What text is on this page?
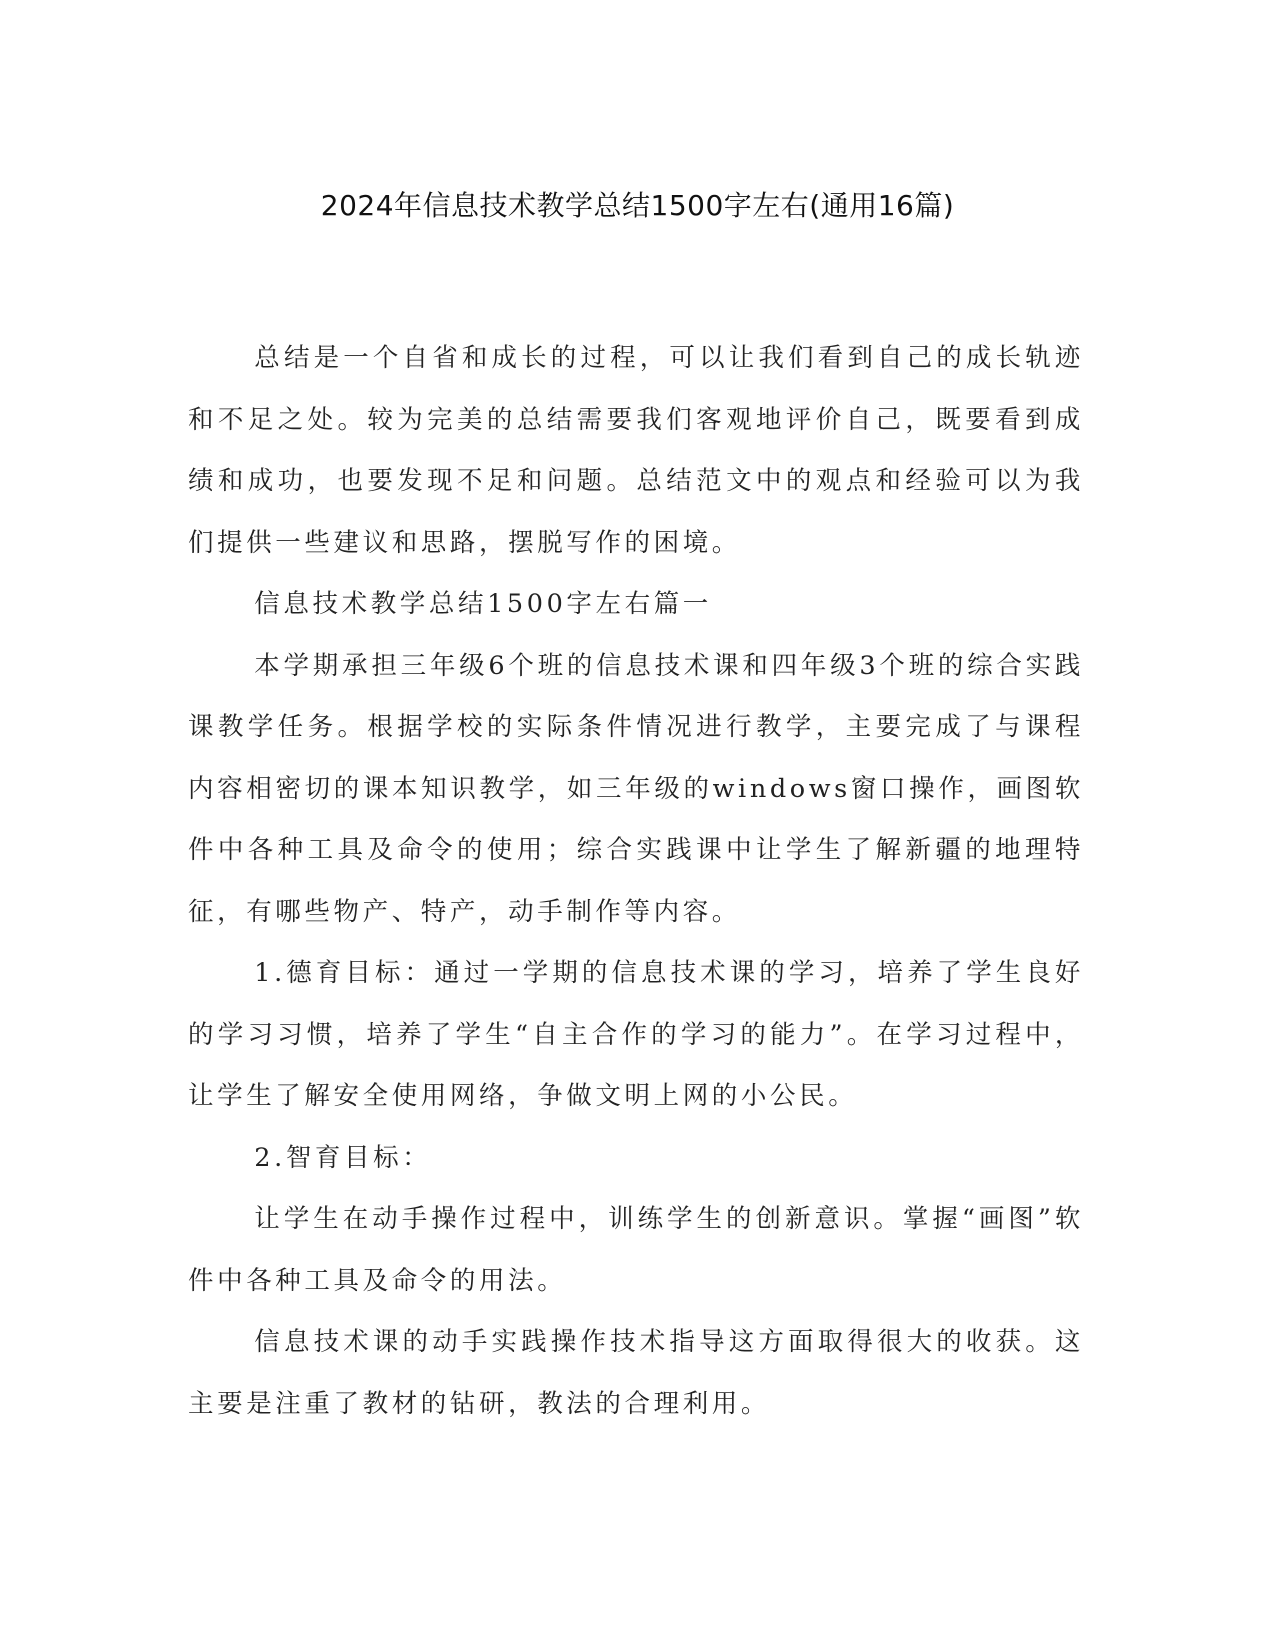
2024年信息技术教学总结1500字左右(通用16篇)

总结是一个自省和成长的过程，可以让我们看到自己的成长轨迹和不足之处。较为完美的总结需要我们客观地评价自己，既要看到成绩和成功，也要发现不足和问题。总结范文中的观点和经验可以为我们提供一些建议和思路，摆脱写作的困境。

信息技术教学总结1500字左右篇一

本学期承担三年级6个班的信息技术课和四年级3个班的综合实践课教学任务。根据学校的实际条件情况进行教学，主要完成了与课程内容相密切的课本知识教学，如三年级的windows窗口操作，画图软件中各种工具及命令的使用；综合实践课中让学生了解新疆的地理特征，有哪些物产、特产，动手制作等内容。

1.德育目标：通过一学期的信息技术课的学习，培养了学生良好的学习习惯，培养了学生“自主合作的学习的能力”。在学习过程中，让学生了解安全使用网络，争做文明上网的小公民。

2.智育目标：

让学生在动手操作过程中，训练学生的创新意识。掌握“画图”软件中各种工具及命令的用法。

信息技术课的动手实践操作技术指导这方面取得很大的收获。这主要是注重了教材的钻研，教法的合理利用。
